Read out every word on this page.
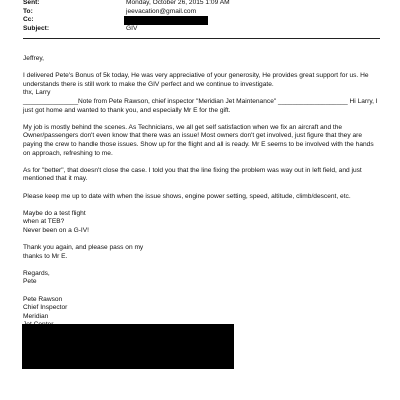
Sent:	Monday, October 26, 2015 1:09 AM
To:	jeevacation@gmail.com
Cc:
Subject:	GIV

Jeffrey,

I delivered Pete's Bonus of 5k today, He was very appreciative of your generosity, He provides great support for us. He
understands there is still work to make the GIV perfect and we continue to investigate.
thx, Larry
_______________Note from Pete Rawson, chief inspector "Meridian Jet Maintenance" ___________________ Hi Larry, I
just got home and wanted to thank you, and especially Mr E for the gift.
My job is mostly behind the scenes. As Technicians, we all get self satisfaction when we fix an aircraft and the
Owner/passengers don't even know that there was an issue! Most owners don't get involved, just figure that they are
paying the crew to handle those issues. Show up for the flight and all is ready. Mr E seems to be involved with the hands
on approach, refreshing to me.
As for "better", that doesn't close the case. I told you that the line fixing the problem was way out in left field, and just
mentioned that it may.
Please keep me up to date with when the issue shows, engine power setting, speed, altitude, climb/descent, etc.
Maybe do a test flight
when at TEB?
Never been on a G-IV!
Thank you again, and please pass on my
thanks to Mr E.
Regards,
Pete
Pete Rawson
Chief Inspector
Meridian
